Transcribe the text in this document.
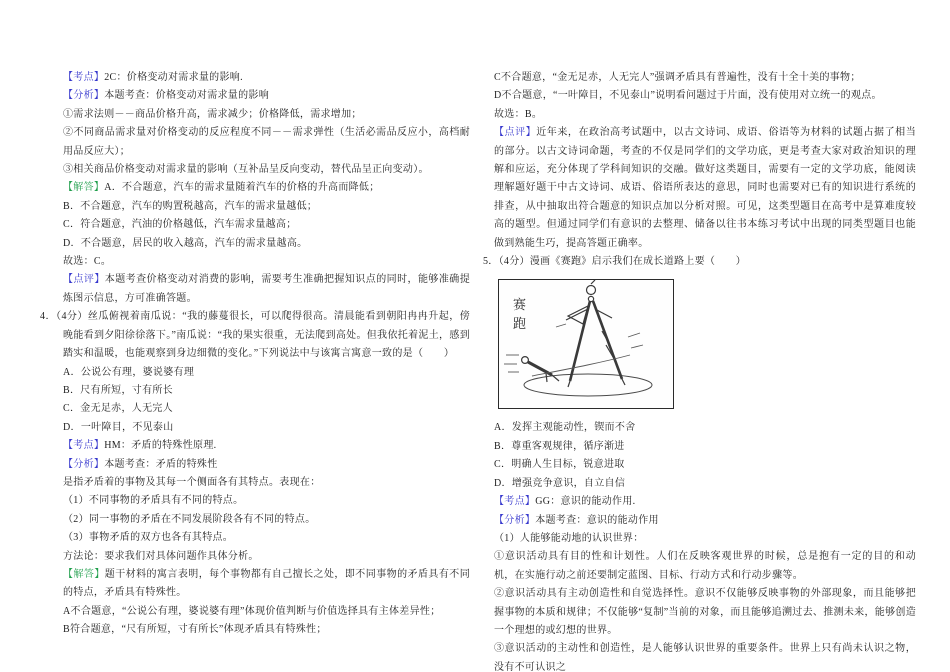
【考点】2C：价格变动对需求量的影响.

【分析】本题考查：价格变动对需求量的影响

①需求法则－－商品价格升高，需求减少；价格降低，需求增加；

②不同商品需求量对价格变动的反应程度不同－－需求弹性（生活必需品反应小，高档耐用品反应大）；

③相关商品价格变动对需求量的影响（互补品呈反向变动，替代品呈正向变动）。

【解答】A．不合题意，汽车的需求量随着汽车的价格的升高而降低；

B．不合题意，汽车的购置税越高，汽车的需求量越低；

C．符合题意，汽油的价格越低，汽车需求量越高；

D．不合题意，居民的收入越高，汽车的需求量越高。

故选：C。

【点评】本题考查价格变动对消费的影响，需要考生准确把握知识点的同时，能够准确提炼图示信息，方可准确答题。

4．（4分）丝瓜俯视着南瓜说：“我的藤蔓很长，可以爬得很高。清晨能看到朝阳冉冉升起，傍晚能看到夕阳徐徐落下。”南瓜说：“我的果实很重，无法爬到高处。但我依托着泥土，感到踏实和温暖，也能观察到身边细微的变化。”下列说法中与该寓言寓意一致的是（　　）

A．公说公有理，婆说婆有理

B．尺有所短，寸有所长

C．金无足赤，人无完人

D．一叶障目，不见泰山

【考点】HM：矛盾的特殊性原理.

【分析】本题考查：矛盾的特殊性

是指矛盾着的事物及其每一个侧面各有其特点。表现在：

（1）不同事物的矛盾具有不同的特点。

（2）同一事物的矛盾在不同发展阶段各有不同的特点。

（3）事物矛盾的双方也各有其特点。

方法论：要求我们对具体问题作具体分析。

【解答】题干材料的寓言表明，每个事物都有自己擅长之处，即不同事物的矛盾具有不同的特点，矛盾具有特殊性。

A不合题意，“公说公有理，婆说婆有理”体现价值判断与价值选择具有主体差异性；

B符合题意，“尺有所短，寸有所长”体现矛盾具有特殊性；

C不合题意，“金无足赤，人无完人”强调矛盾具有普遍性，没有十全十美的事物；

D不合题意，“一叶障目，不见泰山”说明看问题过于片面，没有使用对立统一的观点。

故选：B。

【点评】近年来，在政治高考试题中，以古文诗词、成语、俗语等为材料的试题占据了相当的部分。以古文诗词命题，考查的不仅是同学们的文学功底，更是考查大家对政治知识的理解和应运，充分体现了学科间知识的交融。做好这类题目，需要有一定的文学功底，能阅读理解题好题干中古文诗词、成语、俗语所表达的意思，同时也需要对已有的知识进行系统的排查，从中抽取出符合题意的知识点加以分析对照。可见，这类型题目在高考中是算难度较高的题型。但通过同学们有意识的去整理、储备以往书本练习考试中出现的同类型题目也能做到熟能生巧，提高答题正确率。

5．（4分）漫画《赛跑》启示我们在成长道路上要（　　）

赛
跑

A．发挥主观能动性，锲而不舍

B．尊重客观规律，循序渐进

C．明确人生目标，锐意进取

D．增强竞争意识，自立自信

【考点】GG：意识的能动作用.

【分析】本题考查：意识的能动作用

（1）人能够能动地的认识世界：

①意识活动具有目的性和计划性。人们在反映客观世界的时候，总是抱有一定的目的和动机，在实施行动之前还要制定蓝图、目标、行动方式和行动步骤等。

②意识活动具有主动创造性和自觉选择性。意识不仅能够反映事物的外部现象，而且能够把握事物的本质和规律；不仅能够“复制”当前的对象，而且能够追溯过去、推测未来，能够创造一个理想的或幻想的世界。

③意识活动的主动性和创造性，是人能够认识世界的重要条件。世界上只有尚未认识之物，没有不可认识之
